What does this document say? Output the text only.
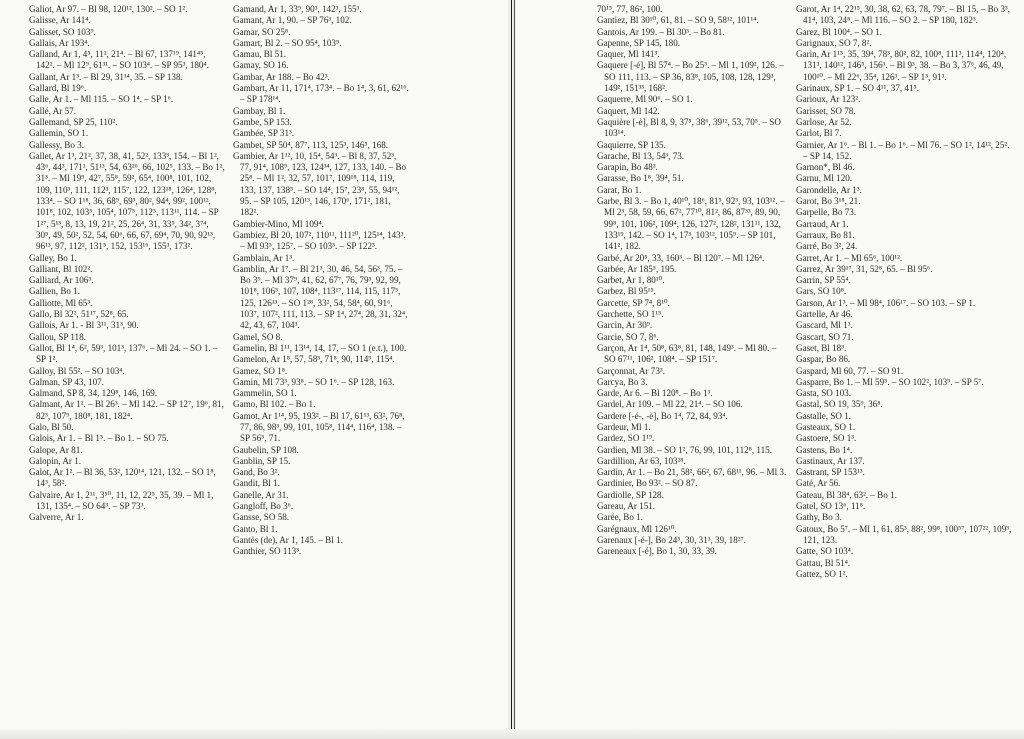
Galiot, Ar 97. – Bl 98, 120¹², 130². – SO 1².

Galisse, Ar 141⁴.

Galisset, SO 103⁹.

Gallais, Ar 193⁴.

Galland, Ar 1, 4⁵, 11², 21⁴. – Bl 67, 137¹⁹, 141⁴⁵, 142². – Ml 12⁹, 61³¹. – SO 103⁴. – SP 95³, 180⁴.

Gallant, Ar 1³. – Bl 29, 31¹⁴, 35. – SP 138.

Gallard, Bl 19⁶.

Galle, Ar 1. – Ml 115. – SO 1⁴. – SP 1⁶.

Gallé, Ar 57.

Gallemand, SP 25, 110².

Gallemin, SO 1.

Gallessy, Bo 3.

Gallet, Ar 1³, 21², 37, 38, 41, 52², 133³, 154. – Bl 1², 43⁶, 44³, 171¹, 51¹³, 54, 63²⁶, 66, 102⁵, 133. – Bo 1², 31³. – Ml 19⁹, 42⁷, 55⁸, 59², 65⁴, 100⁸, 101, 102, 109, 110³, 111, 112³, 115⁷, 122, 123¹⁸, 126⁴, 128⁸, 133⁴. – SO 1¹⁸, 36, 68⁹, 69³, 80², 94⁴, 99², 100¹², 101⁸, 102, 103⁵, 105⁴, 107⁵, 112⁵, 113¹¹, 114. – SP 1²⁷, 5¹³, 8, 13, 19, 21², 25, 26⁴, 31, 33⁵, 34², 3⁷⁴, 30⁵, 49, 50², 52, 54, 60⁶, 66, 67, 69⁴, 70, 90, 92¹³, 96¹³, 97, 112², 131⁵, 152, 153¹⁶, 155³, 173².

Galley, Bo 1.

Galliant, Bl 102².

Galliard, Ar 106³.

Gallien, Bo 1.

Galliotte, Ml 65³.

Gallo, Bl 32², 51¹⁷, 52⁸, 65.

Gallois, Ar 1. - Bl 3¹¹, 31³, 90.

Gallou, SP 118.

Gallot, Bl 1⁴, 6², 59³, 101³, 137⁶. – Ml 24. – SO 1. – SP 1².

Galloy, Bl 55². – SO 103⁴.

Galman, SP 43, 107.

Galmand, SP 8, 34, 129⁸, 146, 169.

Galmant, Ar 1². – Bl 26³. – Ml 142. – SP 12⁷, 19⁶, 81, 82³, 107⁹, 180⁸, 181, 182⁴.

Galo, Bl 50.

Galois, Ar 1. – Bl 1⁵. – Bo 1. – SO 75.

Galope, Ar 81.

Galopin, Ar 1.

Galot, Ar 1². – Bl 36, 53², 120¹⁴, 121, 132. – SO 1⁸, 14³, 58².

Galvaire, Ar 1, 2¹¹, 3⁵⁰, 11, 12, 22⁵, 35, 39. – Ml 1, 131, 135⁴. – SO 64³. – SP 73³.

Galverre, Ar 1.

Gamand, Ar 1, 33⁹, 90³, 142³, 155³.

Gamant, Ar 1, 90. – SP 76³, 102.

Gamar, SO 25⁸.

Gamart, Bl 2. – SO 95⁴, 103⁹.

Gamau, Bl 51.

Gamay, SO 16.

Gambar, Ar 188. – Bo 42³.

Gambart, Ar 11, 171⁴, 173⁴. – Bo 1⁴, 3, 61, 62¹⁶. – SP 178¹⁴.

Gambay, Bl 1.

Gambe, SP 153.

Gambée, SP 31³.

Gambet, SP 50⁴, 87⁷, 113, 125³, 146⁵, 168.

Gambier, Ar 1¹², 10, 15⁴, 54³. – Bl 8, 37, 52³, 77, 91⁴, 108⁹, 123, 124³⁴, 127, 133, 140. – Bo 25⁸. – Ml 1², 32, 57, 101⁷, 109¹⁸, 114, 119, 133, 137, 138⁵. – SO 14⁴, 15⁷, 23⁸, 55, 94¹², 95. – SP 105, 120¹³, 146, 170⁶, 171², 181, 182².

Gambier-Mino, Ml 109⁴.

Gambiez, Bl 20, 107², 110¹¹, 111²⁰, 125¹⁴, 143³. – Ml 93⁵, 125⁷. – SO 103³. – SP 122³.

Gamblain, Ar 1³.

Gamblin, Ar 1⁷. – Bl 21³, 30, 46, 54, 56³, 75. – Bo 3⁹. – Ml 37⁹, 41, 62, 67⁷, 76, 79³, 92, 99, 101⁸, 106⁵, 107, 108⁴, 113¹⁷, 114, 115, 117⁵, 125, 126¹³. – SO 1²⁸, 33², 54, 58⁴, 60, 91⁶, 103⁷, 107², 111, 113. – SP 1⁴, 27⁴, 28, 31, 32⁴, 42, 43, 67, 104³.

Gamel, SO 8.

Gamelin, Bl 1¹¹, 13¹⁴, 14, 17, – SO 1 (e.t.), 100.

Gamelon, Ar 1⁸, 57, 58³, 71⁸, 90, 114⁹, 115⁴.

Gamez, SO 1⁸.

Gamin, Ml 73³, 93⁸. – SO 1⁶. – SP 128, 163.

Gammelin, SO 1.

Gamo, Bl 102. – Bo 1.

Gamot, Ar 1¹⁴, 95, 193². – Bl 17, 61¹³, 63², 76⁸, 77, 86, 98³, 99, 101, 105⁸, 114⁴, 116⁴, 138. – SP 56⁵, 71.

Gaubelin, SP 108.

Ganblin, SP 15.

Gand, Bo 3².

Gandit, Bl 1.

Ganelle, Ar 31.

Gangloff, Bo 3⁶.

Gansse, SO 58.

Ganto, Bl 1.

Gantès (de), Ar 1, 145. – Bl 1.

Ganthier, SO 113³.

70¹⁵, 77, 86², 100.

Gantiez, Bl 30¹⁰, 61, 81. – SO 9, 58¹², 101¹⁴.

Gantois, Ar 199. – Bl 30³. – Bo 81.

Gapenne, SP 145, 180.

Gaquer, Ml 141³.

Gaquere [-é], Bl 57⁴. – Bo 25³. – Ml 1, 109², 126. – SO 111, 113. – SP 36, 83⁸, 105, 108, 128, 129³, 149², 151³³, 168².

Gaquerre, Ml 90⁶. – SO 1.

Gaquert, Ml 142.

Gaquière [-è], Bl 8, 9, 37⁵, 38⁶, 39¹², 53, 70⁵. – SO 103¹⁴.

Gaquierre, SP 135.

Garache, Bl 13, 54³, 73.

Garapin, Bo 48³.

Garasse, Bo 1⁸, 39⁴, 51.

Garat, Bo 1.

Garbe, Bl 3. – Bo 1, 40¹⁰, 18⁶, 81⁵, 92³, 93, 103¹². – Ml 2³, 58, 59, 66, 67², 77¹⁰, 81², 86, 87³³, 89, 90, 99⁸, 101, 106², 109⁴, 126, 127², 128², 131¹¹, 132, 133¹⁹, 142. – SO 1⁴, 17³, 103¹², 105⁹. – SP 101, 141², 182.

Garbé, Ar 20⁵, 33, 160³. – Bl 120⁷. – Ml 126⁴.

Garbée, Ar 185⁵, 195.

Garbet, Ar 1, 80¹⁰.

Garbez, Bl 95¹⁵.

Garcette, SP 7⁴, 8¹⁰.

Garchette, SO 1¹⁵.

Garcin, Ar 30⁹.

Garcie, SO 7, 8⁶.

Garçon, Ar 1⁴, 50⁸, 63⁸, 81, 148, 149³. – Ml 80. – SO 67¹¹, 106², 108⁴. – SP 151⁷.

Garçonnat, Ar 73³.

Garcya, Bo 3.

Garde, Ar 6. – Bl 120⁸. – Bo 1³.

Gardel, Ar 109. – Ml 22, 21⁴. – SO 106.

Gardere [-é-, -è], Bo 1⁴, 72, 84, 93⁴.

Gardeur, Ml 1.

Gardez, SO 1¹⁹.

Gardien, Ml 38. – SO 1², 76, 99, 101, 112⁸, 115.

Gardillion, Ar 63, 103²⁸.

Gardin, Ar 1. – Bo 21, 58², 66², 67, 68¹¹, 96. – Ml 3.

Gardinier, Bo 93². – SO 87.

Gardiolle, SP 128.

Gareau, Ar 151.

Garée, Bo 1.

Garégnaux, Ml 126¹⁰.

Garenaux [-é-], Bo 24⁵, 30, 31³, 39, 18²⁷.

Gareneaux [-é], Bo 1, 30, 33, 39.

Garot, Ar 1⁴, 22¹⁵, 30, 38, 62, 63, 78, 79⁷. – Bl 15, – Bo 3³, 41⁴, 103, 24⁸. – Ml 116. – SO 2. – SP 180, 182³.

Garez, Bl 100⁴. – SO 1.

Garignaux, SO 7, 8².

Garin, Ar 1¹⁵, 35, 39⁴, 78³, 80², 82, 100⁸, 111³, 114⁴, 120⁴, 131³, 140¹², 146⁵, 156³. – Bl 9³, 38. – Bo 3, 37⁶, 46, 49, 100¹⁰. – Ml 22⁶, 35⁴, 126³. – SP 1³, 91³.

Garinaux, SP 1. – SO 4¹¹, 37, 41⁵.

Garioux, Ar 123².

Garisset, SO 78.

Garlose, Ar 52.

Garlot, Bl 7.

Garnier, Ar 1⁶. – Bl 1. – Bo 1⁶. – Ml 76. – SO 1², 14¹², 25². – SP 14, 152.

Garnon*, Bl 46.

Garnu, Ml 120.

Garondelle, Ar 1³.

Garot, Bo 3¹⁸, 21.

Garpelle, Bo 73.

Garraud, Ar 1.

Garraux, Bo 81.

Garré, Bo 3², 24.

Garret, Ar 1. – Ml 65⁶, 100¹².

Garrez, Ar 39¹⁷, 31, 52⁸, 65. – Bl 95⁶.

Garrin, SP 55⁴.

Gars, SO 10⁸.

Garson, Ar 1³. – Ml 98⁴, 106¹⁷. – SO 103. – SP 1.

Gartelle, Ar 46.

Gascard, Ml 1³.

Gascart, SO 71.

Gaset, Bl 18³.

Gaspar, Bo 86.

Gaspard, Ml 60, 77. – SO 91.

Gasparre, Bo 1. – Ml 59⁵. – SO 102², 103⁹. – SP 5⁷.

Gasta, SO 103.

Gastal, SO 19, 35⁹, 36⁸.

Gastalle, SO 1.

Gasteaux, SO 1.

Gastoere, SO 1³.

Gastens, Bo 1⁴.

Gastinaux, Ar 137.

Gastrant, SP 153¹³.

Gaté, Ar 56.

Gateau, Bl 38⁴, 63². – Bo 1.

Gatel, SO 13⁶, 11⁸.

Gathy, Bo 3.

Gatoux, Bo 5⁷. – Ml 1, 61, 85³, 88², 99⁸, 100⁵⁷, 107²², 109³, 121, 123.

Gatte, SO 103⁴.

Gattau, Bl 51⁴.

Gattez, SO 1².
